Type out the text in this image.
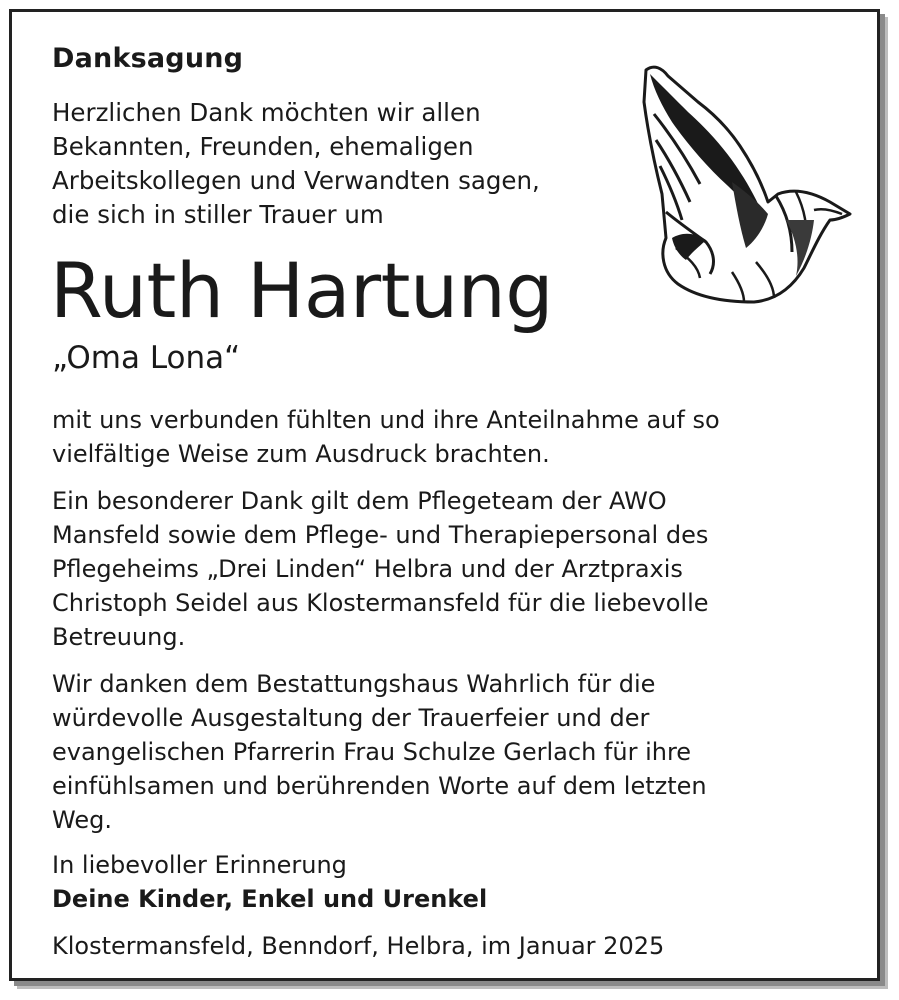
Danksagung

Herzlichen Dank möchten wir allen
Bekannten, Freunden, ehemaligen
Arbeitskollegen und Verwandten sagen,
die sich in stiller Trauer um

Ruth Hartung

„Oma Lona“

mit uns verbunden fühlten und ihre Anteilnahme auf so
vielfältige Weise zum Ausdruck brachten.

Ein besonderer Dank gilt dem Pflegeteam der AWO
Mansfeld sowie dem Pflege- und Therapiepersonal des
Pflegeheims „Drei Linden“ Helbra und der Arztpraxis
Christoph Seidel aus Klostermansfeld für die liebevolle
Betreuung.

Wir danken dem Bestattungshaus Wahrlich für die
würdevolle Ausgestaltung der Trauerfeier und der
evangelischen Pfarrerin Frau Schulze Gerlach für ihre
einfühlsamen und berührenden Worte auf dem letzten
Weg.

In liebevoller Erinnerung

Deine Kinder, Enkel und Urenkel

Klostermansfeld, Benndorf, Helbra, im Januar 2025
